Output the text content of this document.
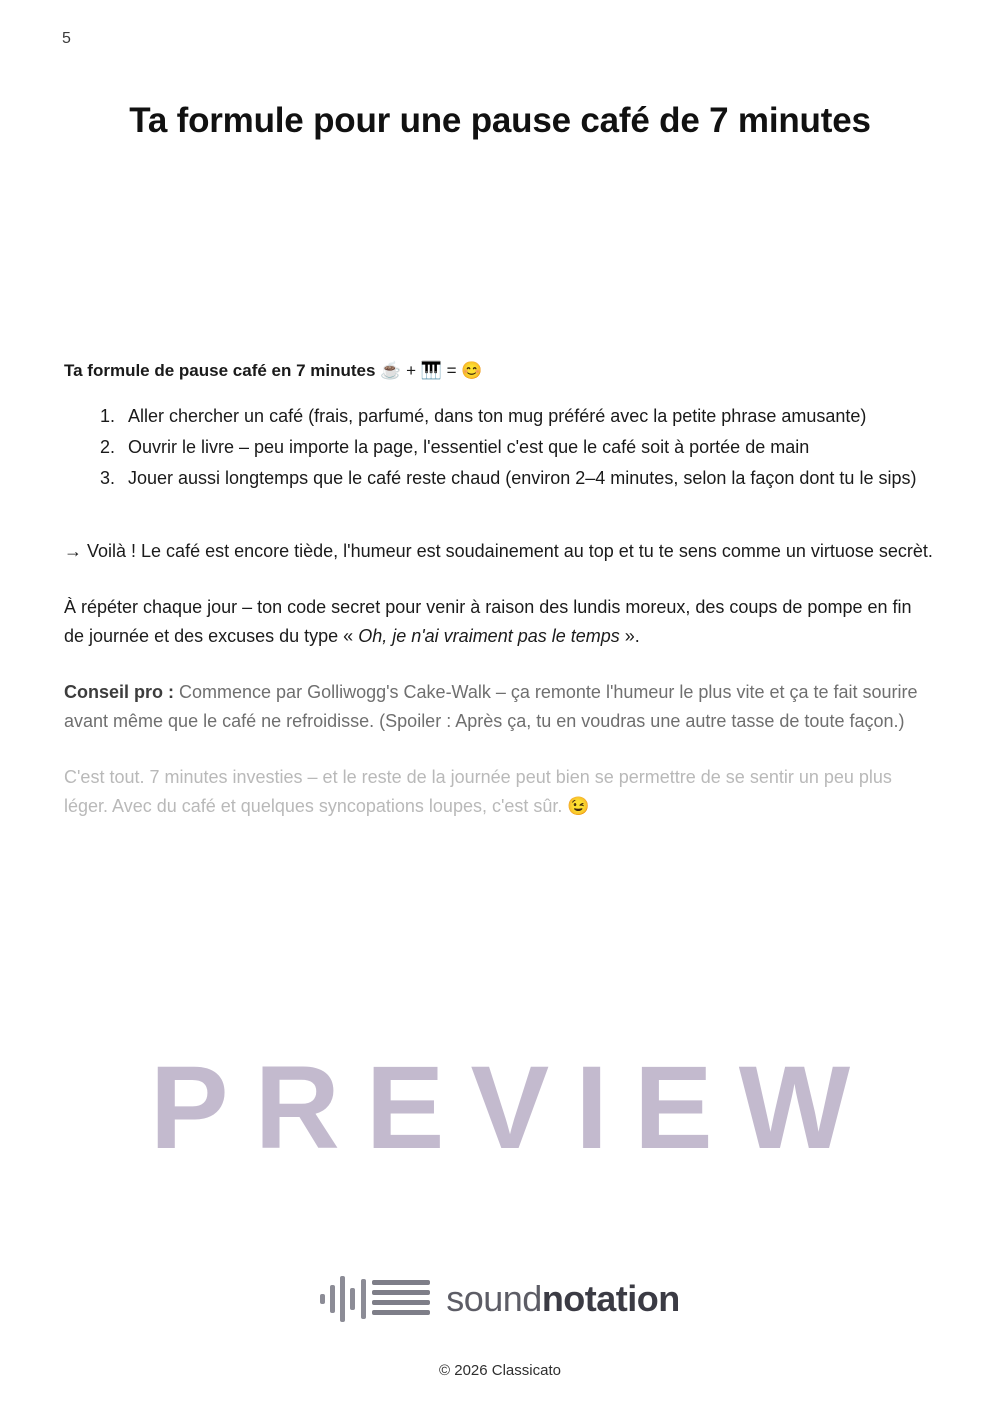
5
Ta formule pour une pause café de 7 minutes

Ta formule de pause café en 7 minutes ☕ + 🎹 = 😊

1. Aller chercher un café (frais, parfumé, dans ton mug préféré avec la petite phrase amusante)
2. Ouvrir le livre – peu importe la page, l'essentiel c'est que le café soit à portée de main
3. Jouer aussi longtemps que le café reste chaud (environ 2–4 minutes, selon la façon dont tu le sips)

→ Voilà ! Le café est encore tiède, l'humeur est soudainement au top et tu te sens comme un virtuose secrèt.

À répéter chaque jour – ton code secret pour venir à raison des lundis moreux, des coups de pompe en fin de journée et des excuses du type « Oh, je n'ai vraiment pas le temps ».

Conseil pro : Commence par Golliwogg's Cake-Walk – ça remonte l'humeur le plus vite et ça te fait sourire avant même que le café ne refroidisse. (Spoiler : Après ça, tu en voudras une autre tasse de toute façon.)

C'est tout. 7 minutes investies – et le reste de la journée peut bien se permettre de se sentir un peu plus léger. Avec du café et quelques syncopations loupes, c'est sûr. 😉

PREVIEW
soundnotation
© 2026 Classicato
